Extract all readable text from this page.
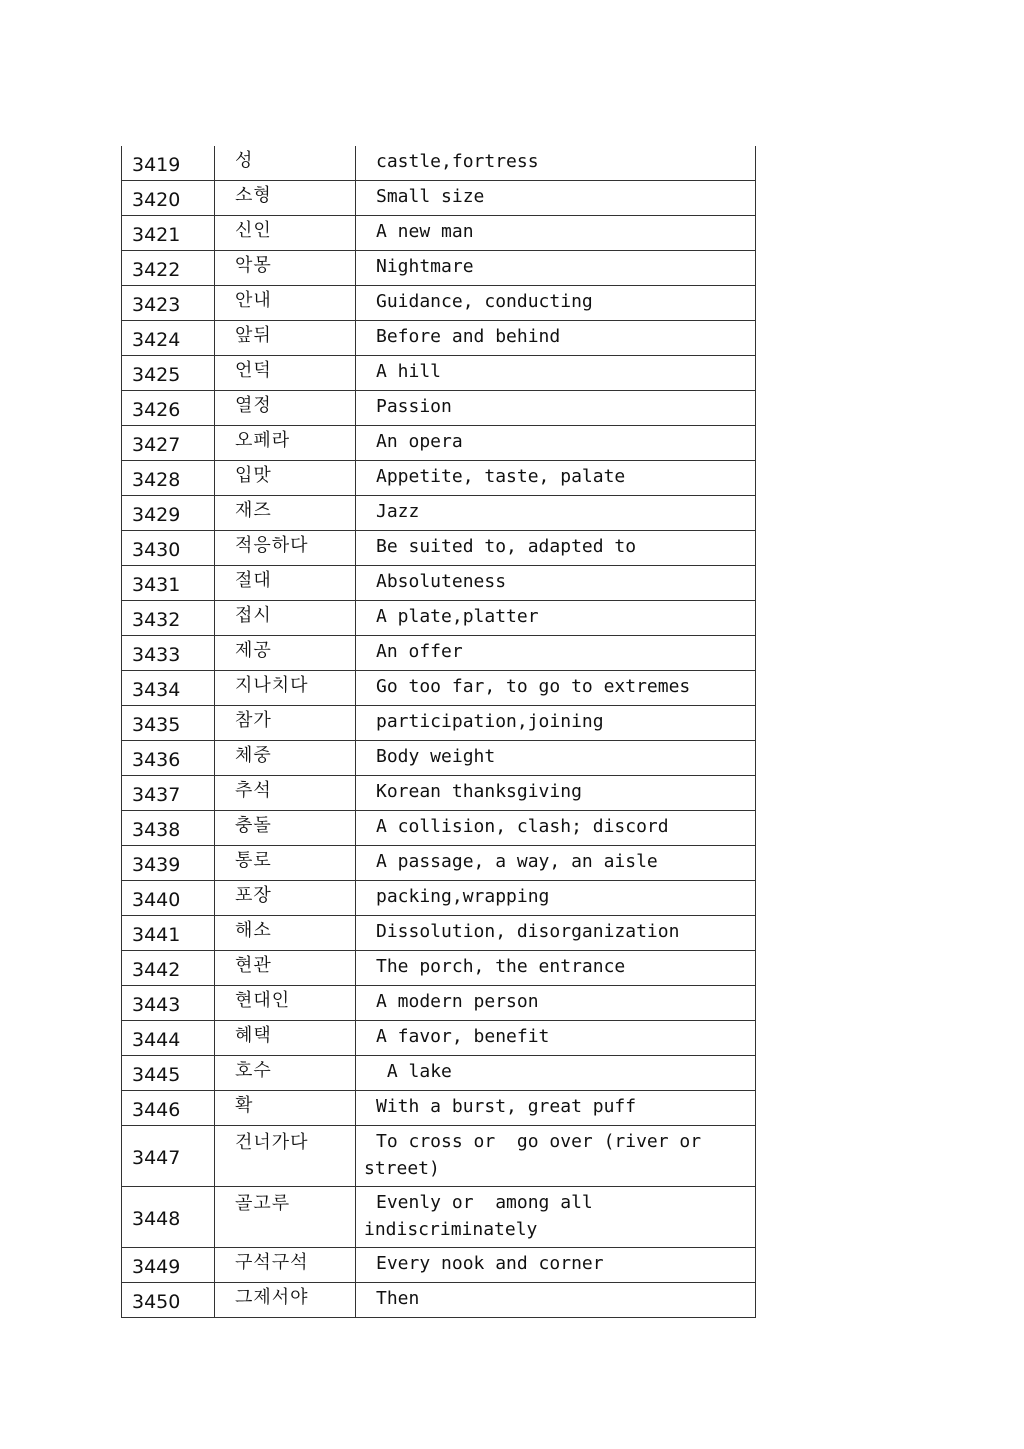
3419	성	castle,fortress
3420	소형	Small size
3421	신인	A new man
3422	악몽	Nightmare
3423	안내	Guidance, conducting
3424	앞뒤	Before and behind
3425	언덕	A hill
3426	열정	Passion
3427	오페라	An opera
3428	입맛	Appetite, taste, palate
3429	재즈	Jazz
3430	적응하다	Be suited to, adapted to
3431	절대	Absoluteness
3432	접시	A plate,platter
3433	제공	An offer
3434	지나치다	Go too far, to go to extremes
3435	참가	participation,joining
3436	체중	Body weight
3437	추석	Korean thanksgiving
3438	충돌	A collision, clash; discord
3439	통로	A passage, a way, an aisle
3440	포장	packing,wrapping
3441	해소	Dissolution, disorganization
3442	현관	The porch, the entrance
3443	현대인	A modern person
3444	혜택	A favor, benefit
3445	호수	A lake
3446	확	With a burst, great puff
3447	건너가다	To cross or  go over (river or street)
3448	골고루	Evenly or  among all indiscriminately
3449	구석구석	Every nook and corner
3450	그제서야	Then
